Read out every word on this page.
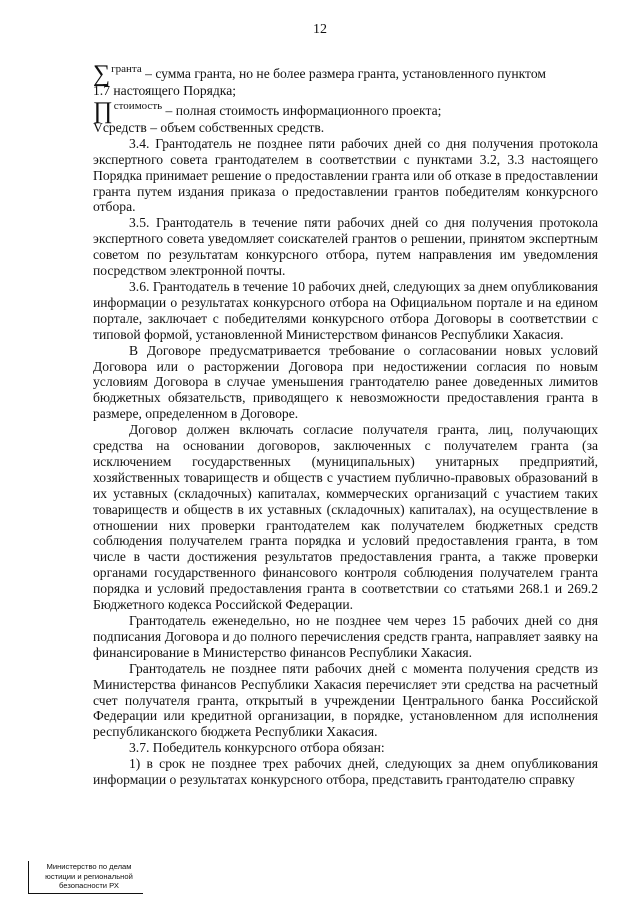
12

∑$^{гранта}$ – сумма гранта, но не более размера гранта, установленного пунктом

1.7 настоящего Порядка;

∏$^{стоимость}$ – полная стоимость информационного проекта;

Vсредств – объем собственных средств.

3.4. Грантодатель не позднее пяти рабочих дней со дня получения протокола экспертного совета грантодателем в соответствии с пунктами 3.2, 3.3 настоящего Порядка принимает решение о предоставлении гранта или об отказе в предоставлении гранта путем издания приказа о предоставлении грантов победителям конкурсного отбора.

3.5. Грантодатель в течение пяти рабочих дней со дня получения протокола экспертного совета уведомляет соискателей грантов о решении, принятом экспертным советом по результатам конкурсного отбора, путем направления им уведомления посредством электронной почты.

3.6. Грантодатель в течение 10 рабочих дней, следующих за днем опубликования информации о результатах конкурсного отбора на Официальном портале и на едином портале, заключает с победителями конкурсного отбора Договоры в соответствии с типовой формой, установленной Министерством финансов Республики Хакасия.

В Договоре предусматривается требование о согласовании новых условий Договора или о расторжении Договора при недостижении согласия по новым условиям Договора в случае уменьшения грантодателю ранее доведенных лимитов бюджетных обязательств, приводящего к невозможности предоставления гранта в размере, определенном в Договоре.

Договор должен включать согласие получателя гранта, лиц, получающих средства на основании договоров, заключенных с получателем гранта (за исключением государственных (муниципальных) унитарных предприятий, хозяйственных товариществ и обществ с участием публично-правовых образований в их уставных (складочных) капиталах, коммерческих организаций с участием таких товариществ и обществ в их уставных (складочных) капиталах), на осуществление в отношении них проверки грантодателем как получателем бюджетных средств соблюдения получателем гранта порядка и условий предоставления гранта, в том числе в части достижения результатов предоставления гранта, а также проверки органами государственного финансового контроля соблюдения получателем гранта порядка и условий предоставления гранта в соответствии со статьями 268.1 и 269.2 Бюджетного кодекса Российской Федерации.

Грантодатель еженедельно, но не позднее чем через 15 рабочих дней со дня подписания Договора и до полного перечисления средств гранта, направляет заявку на финансирование в Министерство финансов Республики Хакасия.

Грантодатель не позднее пяти рабочих дней с момента получения средств из Министерства финансов Республики Хакасия перечисляет эти средства на расчетный счет получателя гранта, открытый в учреждении Центрального банка Российской Федерации или кредитной организации, в порядке, установленном для исполнения республиканского бюджета Республики Хакасия.

3.7. Победитель конкурсного отбора обязан:

1) в срок не позднее трех рабочих дней, следующих за днем опубликования информации о результатах конкурсного отбора, представить грантодателю справку

Министерство по делам
юстиции и региональной
безопасности РХ
